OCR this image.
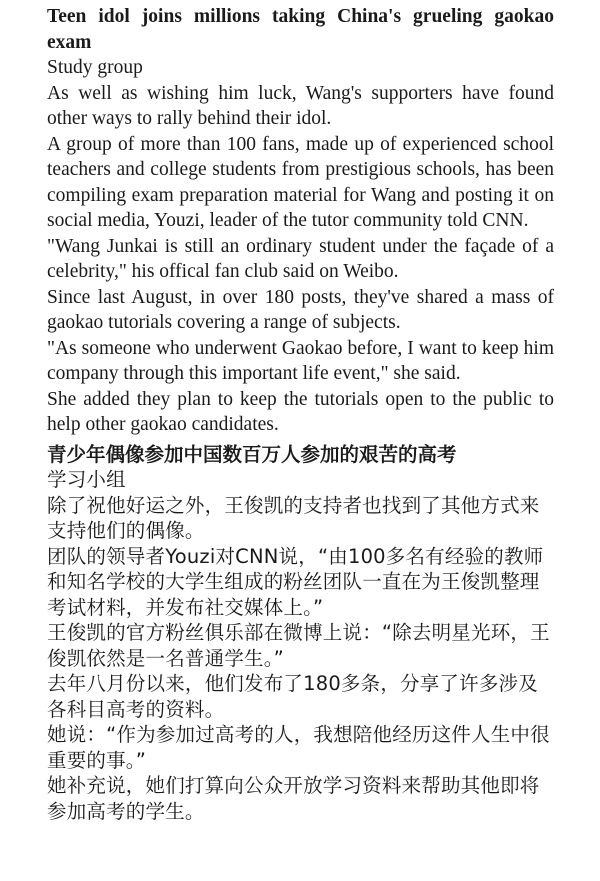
Teen idol joins millions taking China's grueling gaokao exam

Study group

As well as wishing him luck, Wang's supporters have found other ways to rally behind their idol.

A group of more than 100 fans, made up of experienced school teachers and college students from prestigious schools, has been compiling exam preparation material for Wang and posting it on social media, Youzi, leader of the tutor community told CNN.

"Wang Junkai is still an ordinary student under the façade of a celebrity," his offical fan club said on Weibo.

Since last August, in over 180 posts, they've shared a mass of gaokao tutorials covering a range of subjects.

"As someone who underwent Gaokao before, I want to keep him company through this important life event," she said.

She added they plan to keep the tutorials open to the public to help other gaokao candidates.

青少年偶像参加中国数百万人参加的艰苦的高考

学习小组

除了祝他好运之外，王俊凯的支持者也找到了其他方式来支持他们的偶像。

团队的领导者Youzi对CNN说，“由100多名有经验的教师和知名学校的大学生组成的粉丝团队一直在为王俊凯整理考试材料，并发布社交媒体上。”

王俊凯的官方粉丝俱乐部在微博上说：“除去明星光环，王俊凯依然是一名普通学生。”

去年八月份以来，他们发布了180多条，分享了许多涉及各科目高考的资料。

她说：“作为参加过高考的人，我想陪他经历这件人生中很重要的事。”

她补充说，她们打算向公众开放学习资料来帮助其他即将参加高考的学生。
